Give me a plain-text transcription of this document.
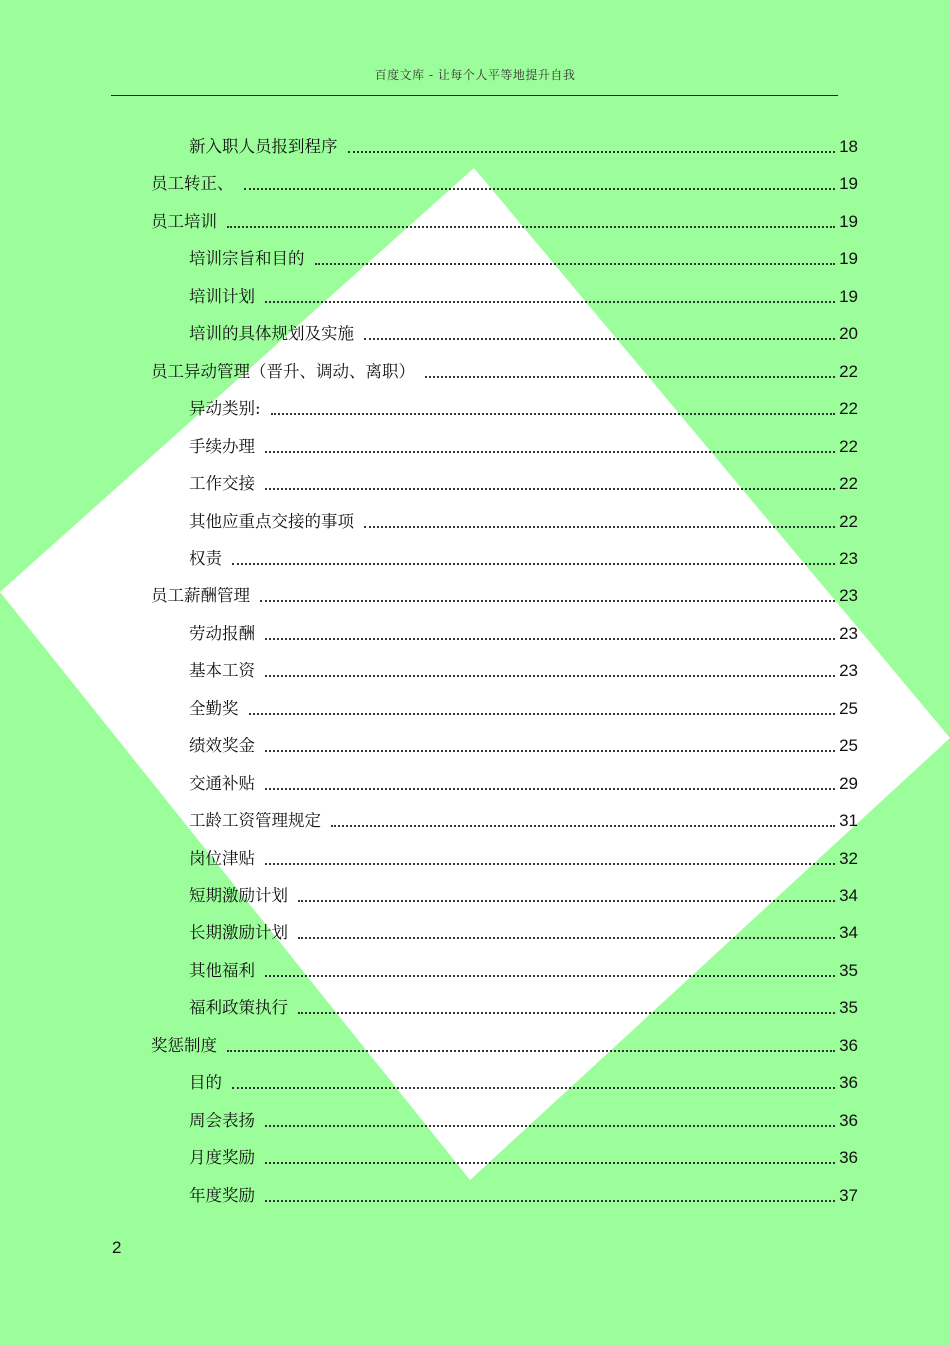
百度文库 - 让每个人平等地提升自我
新入职人员报到程序	18
员工转正、	19
员工培训	19
培训宗旨和目的	19
培训计划	19
培训的具体规划及实施	20
员工异动管理（晋升、调动、离职）	22
异动类别:	22
手续办理	22
工作交接	22
其他应重点交接的事项	22
权责	23
员工薪酬管理	23
劳动报酬	23
基本工资	23
全勤奖	25
绩效奖金	25
交通补贴	29
工龄工资管理规定	31
岗位津贴	32
短期激励计划	34
长期激励计划	34
其他福利	35
福利政策执行	35
奖惩制度	36
目的	36
周会表扬	36
月度奖励	36
年度奖励	37
2
